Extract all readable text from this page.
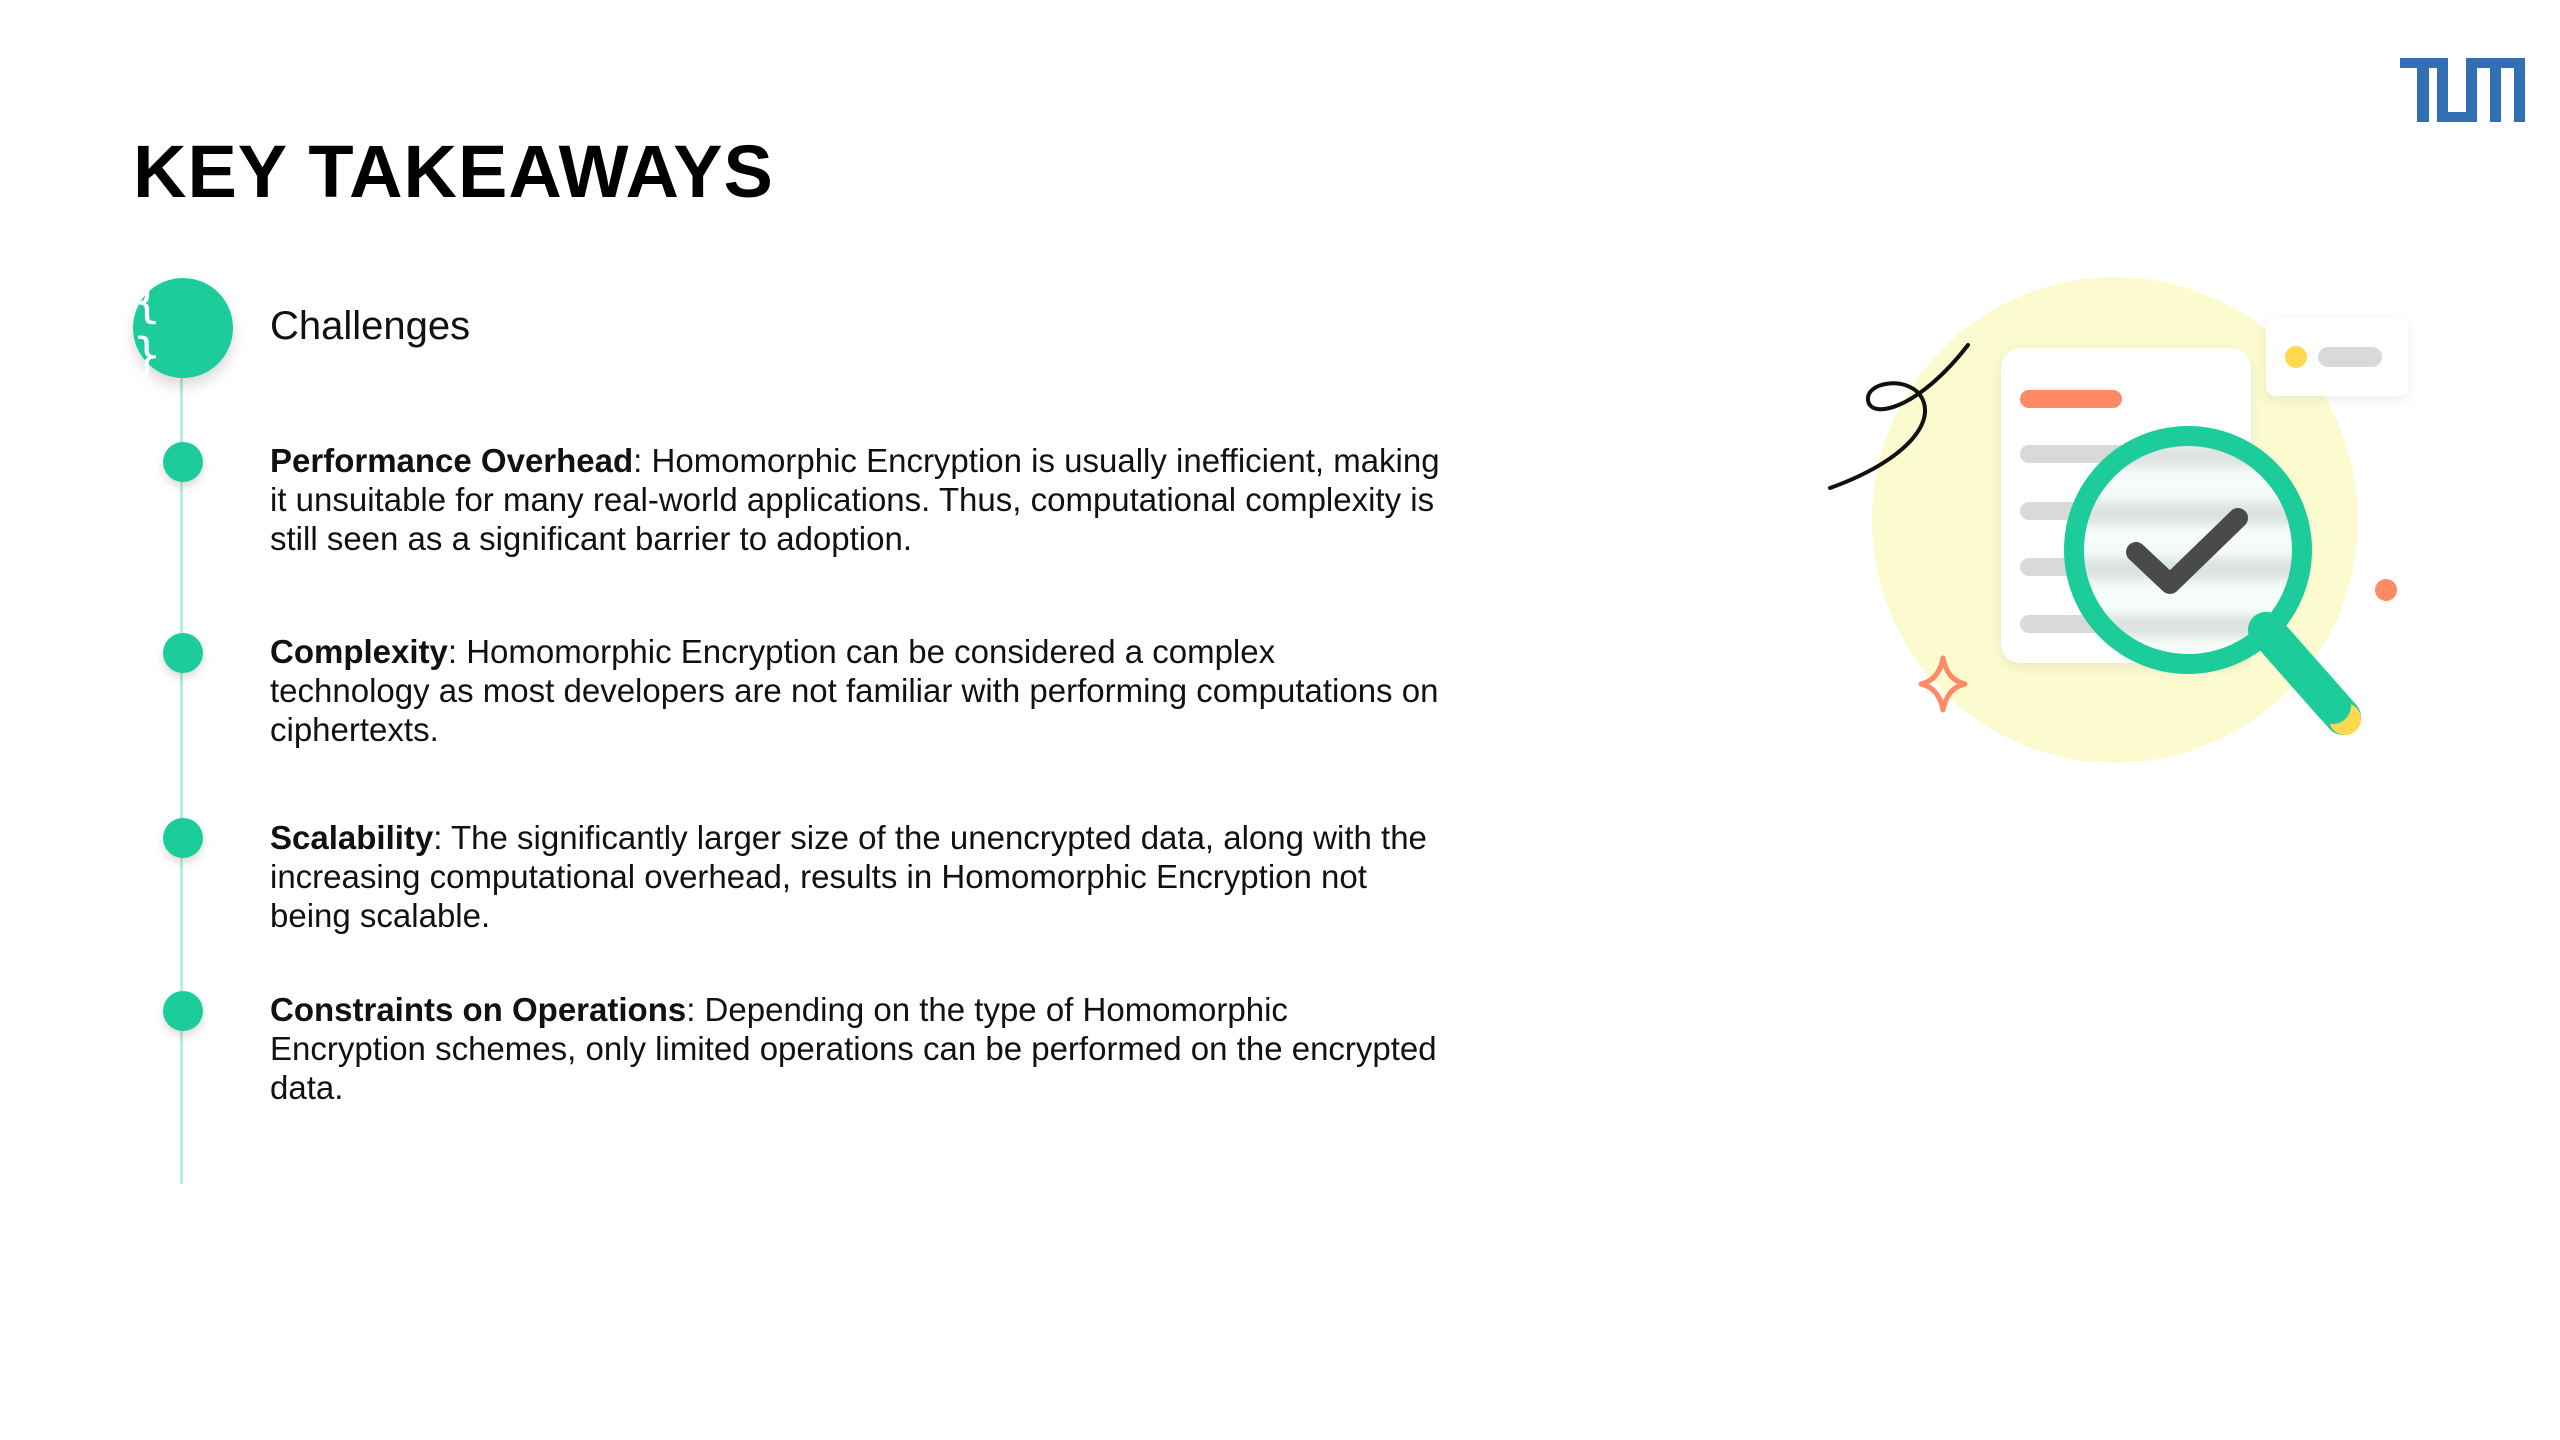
KEY TAKEAWAYS
{ }
Challenges

Performance Overhead: Homomorphic Encryption is usually inefficient, making it unsuitable for many real-world applications. Thus, computational complexity is still seen as a significant barrier to adoption.

Complexity: Homomorphic Encryption can be considered a complex technology as most developers are not familiar with performing computations on ciphertexts.

Scalability: The significantly larger size of the unencrypted data, along with the increasing computational overhead, results in Homomorphic Encryption not being scalable.

Constraints on Operations: Depending on the type of Homomorphic Encryption schemes, only limited operations can be performed on the encrypted data.
